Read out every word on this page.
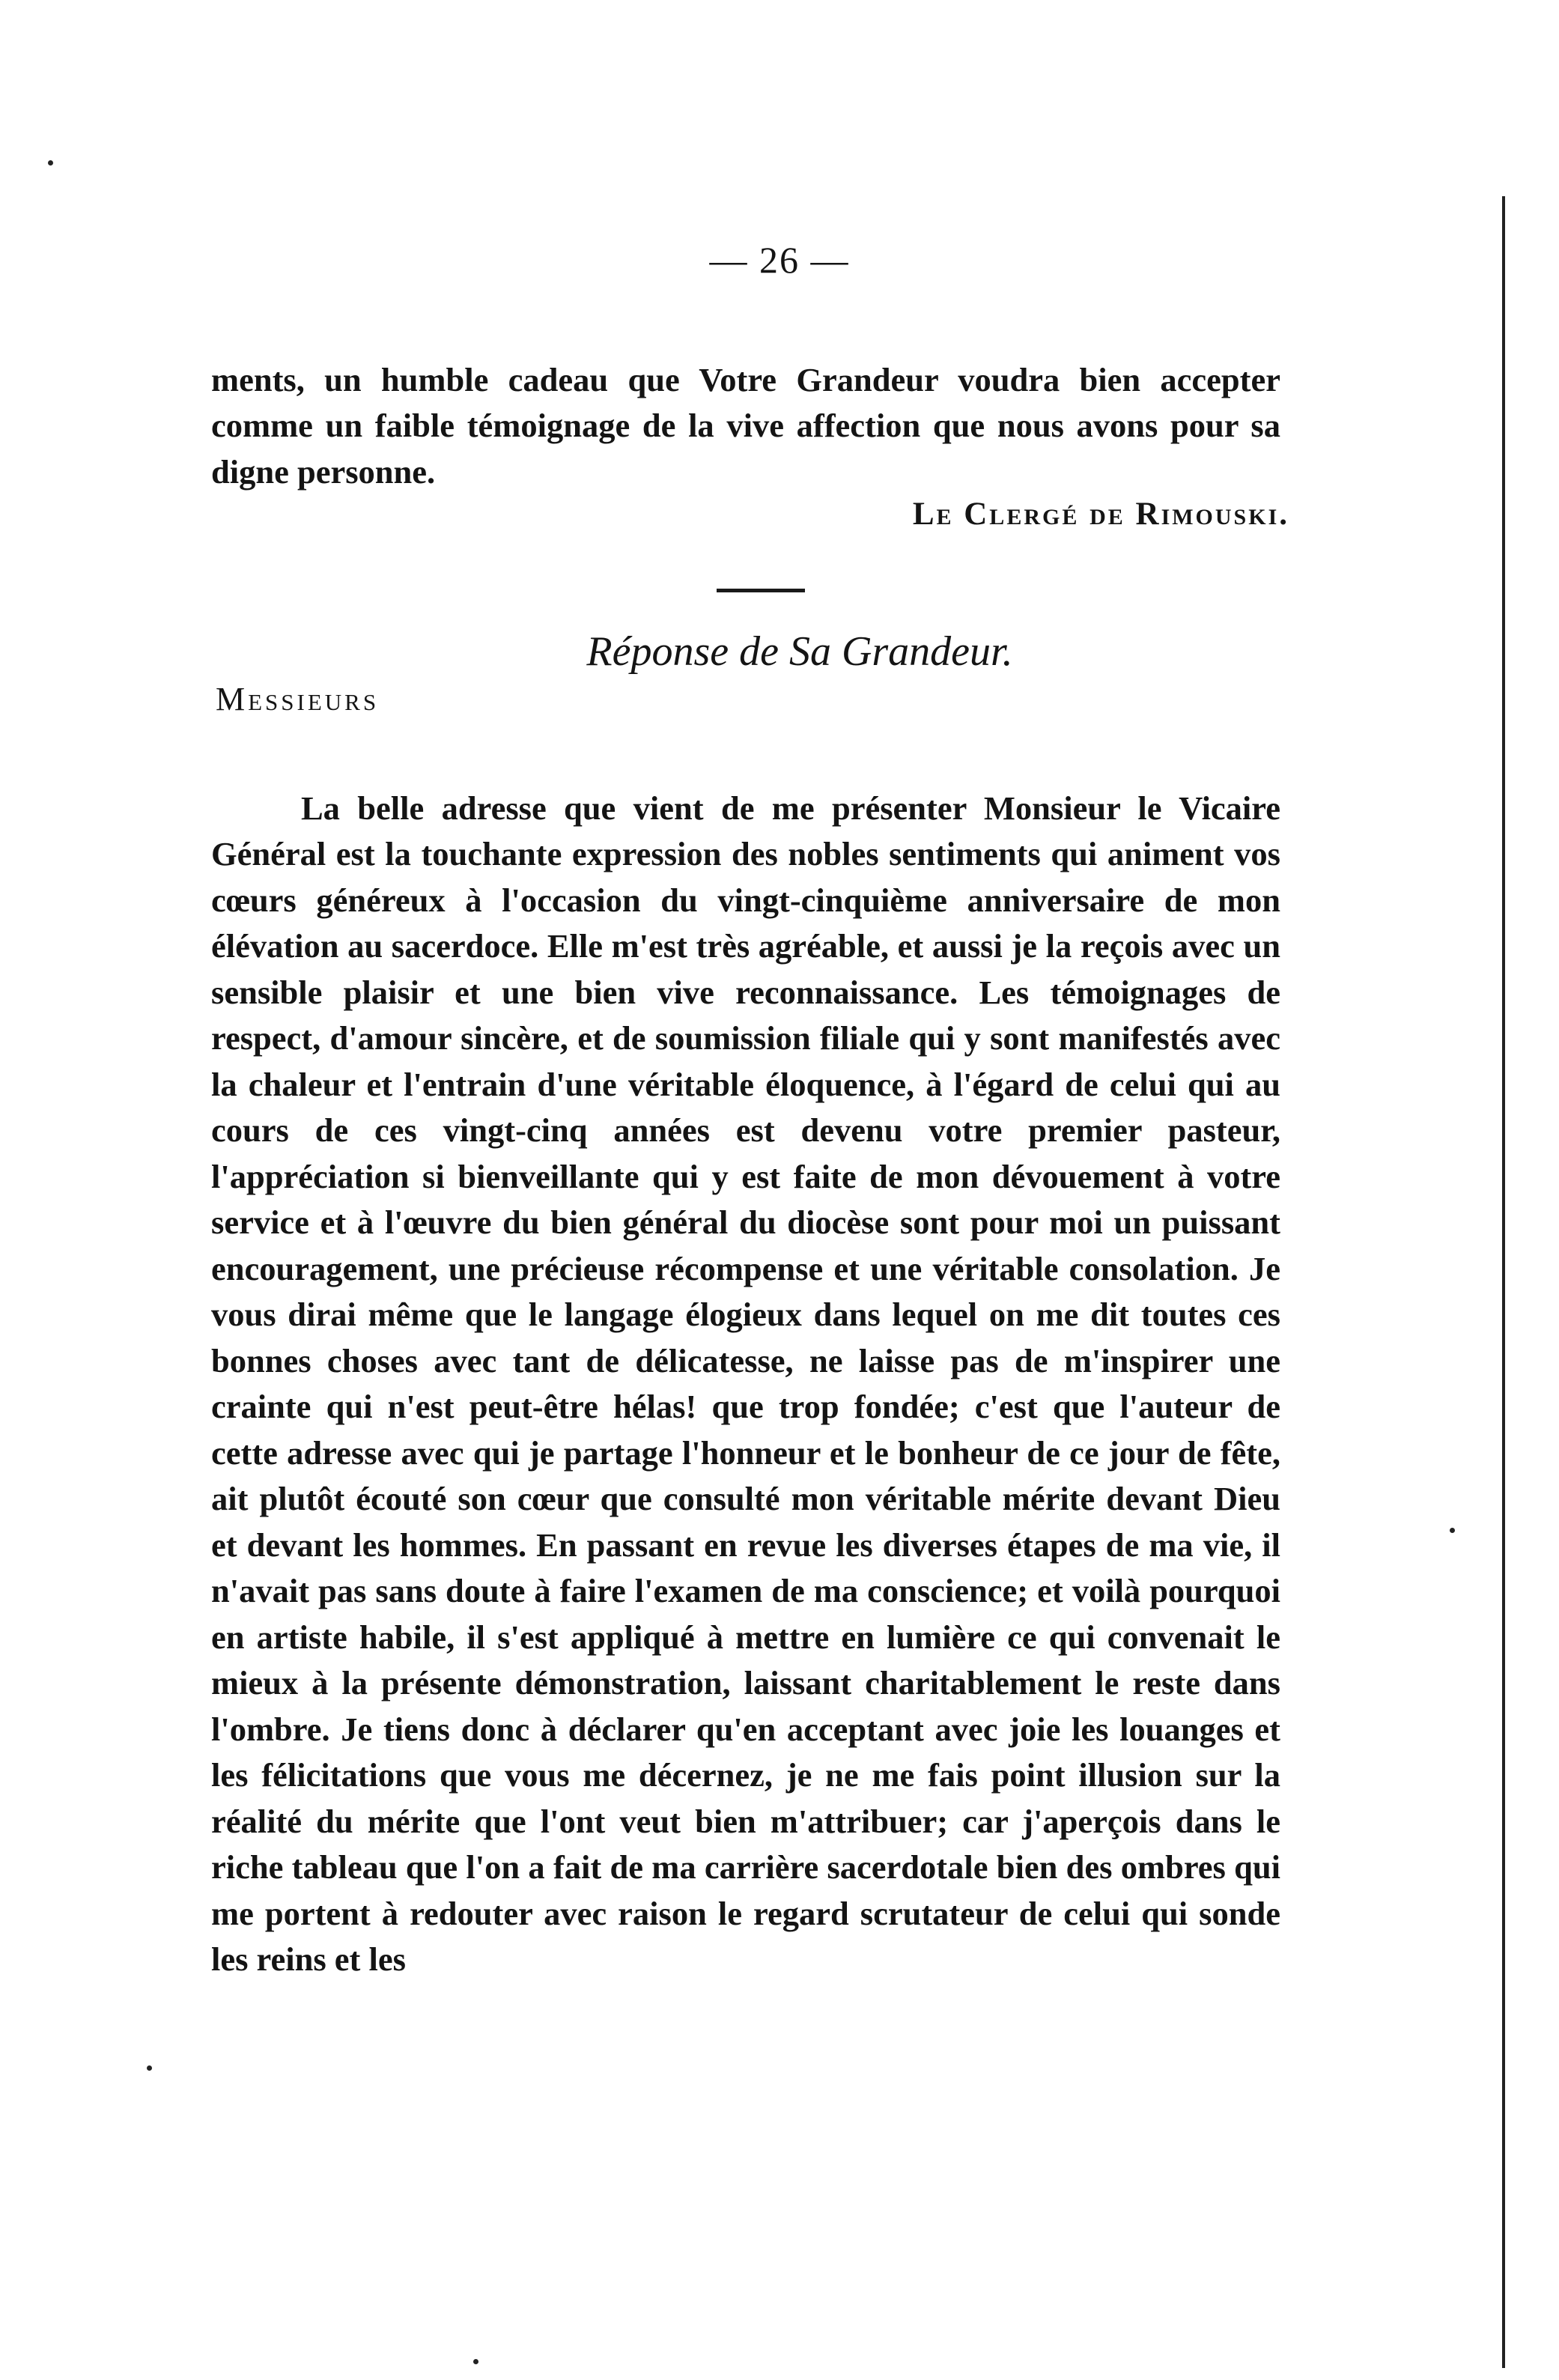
— 26 —

ments, un humble cadeau que Votre Grandeur voudra bien accepter comme un faible témoignage de la vive affection que nous avons pour sa digne personne.

Le Clergé de Rimouski.
Réponse de Sa Grandeur.
Messieurs

La belle adresse que vient de me présenter Monsieur le Vicaire Général est la touchante expression des nobles sentiments qui animent vos cœurs généreux à l'occasion du vingt-cinquième anniversaire de mon élévation au sacerdoce. Elle m'est très agréable, et aussi je la reçois avec un sensible plaisir et une bien vive reconnaissance. Les témoignages de respect, d'amour sincère, et de soumission filiale qui y sont manifestés avec la chaleur et l'entrain d'une véritable éloquence, à l'égard de celui qui au cours de ces vingt-cinq années est devenu votre premier pasteur, l'appréciation si bienveillante qui y est faite de mon dévouement à votre service et à l'œuvre du bien général du diocèse sont pour moi un puissant encouragement, une précieuse récompense et une véritable consolation. Je vous dirai même que le langage élogieux dans lequel on me dit toutes ces bonnes choses avec tant de délicatesse, ne laisse pas de m'inspirer une crainte qui n'est peut-être hélas! que trop fondée; c'est que l'auteur de cette adresse avec qui je partage l'honneur et le bonheur de ce jour de fête, ait plutôt écouté son cœur que consulté mon véritable mérite devant Dieu et devant les hommes. En passant en revue les diverses étapes de ma vie, il n'avait pas sans doute à faire l'examen de ma conscience; et voilà pourquoi en artiste habile, il s'est appliqué à mettre en lumière ce qui convenait le mieux à la présente démonstration, laissant charitablement le reste dans l'ombre. Je tiens donc à déclarer qu'en acceptant avec joie les louanges et les félicitations que vous me décernez, je ne me fais point illusion sur la réalité du mérite que l'ont veut bien m'attribuer; car j'aperçois dans le riche tableau que l'on a fait de ma carrière sacerdotale bien des ombres qui me portent à redouter avec raison le regard scrutateur de celui qui sonde les reins et les
